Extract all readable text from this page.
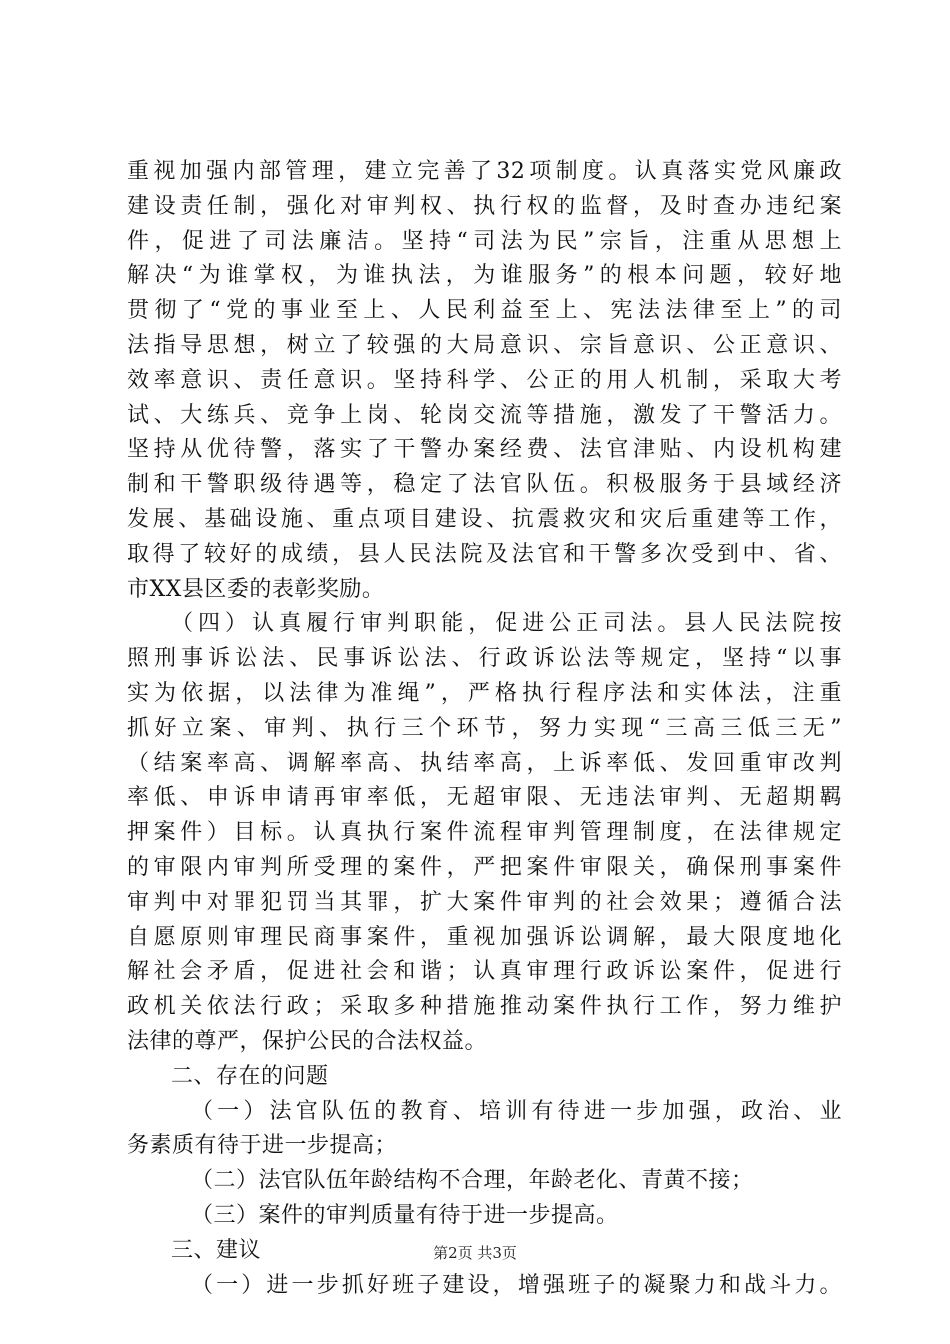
重视加强内部管理，建立完善了32项制度。认真落实党风廉政
建设责任制，强化对审判权、执行权的监督，及时查办违纪案
件，促进了司法廉洁。坚持“司法为民”宗旨，注重从思想上
解决“为谁掌权，为谁执法，为谁服务”的根本问题，较好地
贯彻了“党的事业至上、人民利益至上、宪法法律至上”的司
法指导思想，树立了较强的大局意识、宗旨意识、公正意识、
效率意识、责任意识。坚持科学、公正的用人机制，采取大考
试、大练兵、竞争上岗、轮岗交流等措施，激发了干警活力。
坚持从优待警，落实了干警办案经费、法官津贴、内设机构建
制和干警职级待遇等，稳定了法官队伍。积极服务于县域经济
发展、基础设施、重点项目建设、抗震救灾和灾后重建等工作，
取得了较好的成绩，县人民法院及法官和干警多次受到中、省、
市XX县区委的表彰奖励。
（四）认真履行审判职能，促进公正司法。县人民法院按
照刑事诉讼法、民事诉讼法、行政诉讼法等规定，坚持“以事
实为依据，以法律为准绳”，严格执行程序法和实体法，注重
抓好立案、审判、执行三个环节，努力实现“三高三低三无”
（结案率高、调解率高、执结率高，上诉率低、发回重审改判
率低、申诉申请再审率低，无超审限、无违法审判、无超期羁
押案件）目标。认真执行案件流程审判管理制度，在法律规定
的审限内审判所受理的案件，严把案件审限关，确保刑事案件
审判中对罪犯罚当其罪，扩大案件审判的社会效果；遵循合法
自愿原则审理民商事案件，重视加强诉讼调解，最大限度地化
解社会矛盾，促进社会和谐；认真审理行政诉讼案件，促进行
政机关依法行政；采取多种措施推动案件执行工作，努力维护
法律的尊严，保护公民的合法权益。
二、存在的问题
（一）法官队伍的教育、培训有待进一步加强，政治、业
务素质有待于进一步提高；
（二）法官队伍年龄结构不合理，年龄老化、青黄不接；
（三）案件的审判质量有待于进一步提高。
三、建议
（一）进一步抓好班子建设，增强班子的凝聚力和战斗力。
第2页 共3页
